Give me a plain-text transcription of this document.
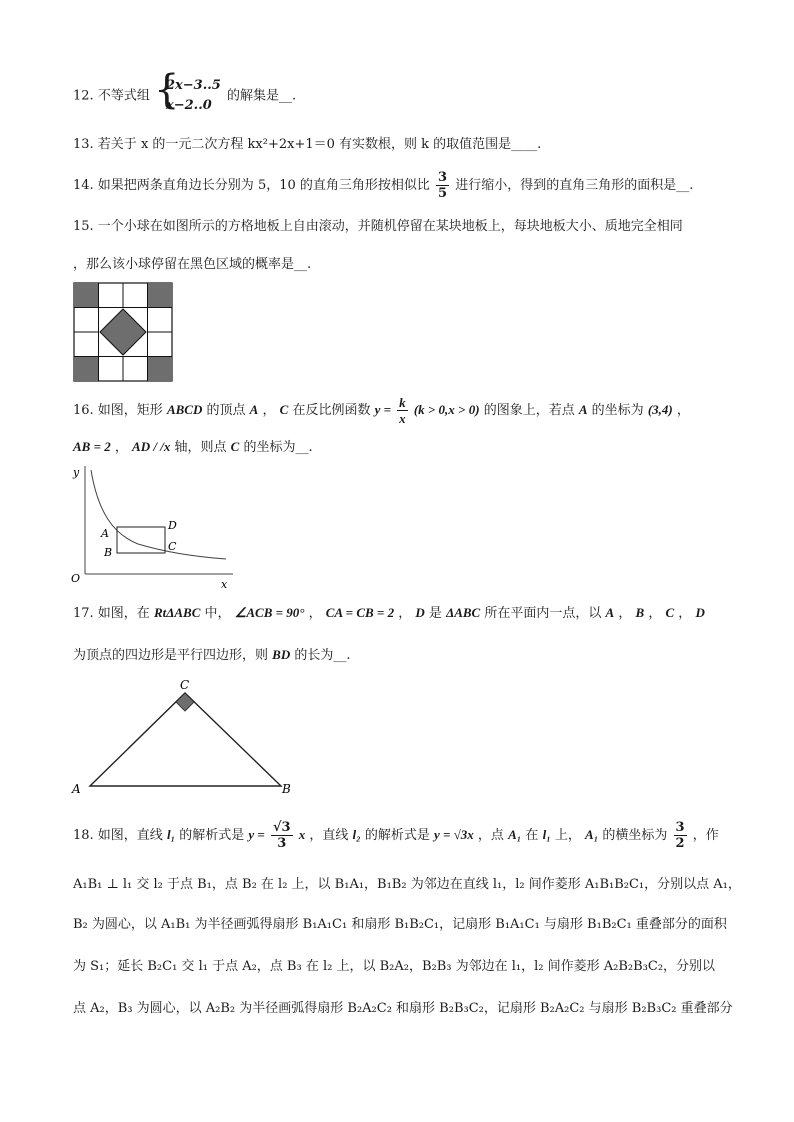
12. 不等式组 {
2x−3..5
x−2..0
的解集是__.
13. 若关于 x 的一元二次方程 kx²+2x+1＝0 有实数根，则 k 的取值范围是____.
14. 如果把两条直角边长分别为 5，10 的直角三角形按相似比 $\frac{3}{5}$ 进行缩小，得到的直角三角形的面积是__.
15. 一个小球在如图所示的方格地板上自由滚动，并随机停留在某块地板上，每块地板大小、质地完全相同
，那么该小球停留在黑色区域的概率是__.
16. 如图，矩形 ABCD 的顶点 A ， C 在反比例函数 $y = \frac{k}{x} (k > 0,x > 0)$ 的图象上，若点 A 的坐标为 (3,4) ，
AB = 2 ， AD / /x 轴，则点 C 的坐标为__.
y
x
O
A
B	C
D
17. 如图，在 RtΔABC 中， ∠ACB = 90° ， CA = CB = 2 ， D 是 ΔABC 所在平面内一点，以 A ， B ， C ， D
为顶点的四边形是平行四边形，则 BD 的长为__.
C
A	B
18. 如图，直线 l₁ 的解析式是 $y = \frac{√3}{3}$ x ，直线 l₂ 的解析式是 y = √3x ，点 A₁ 在 l₁ 上， A₁ 的横坐标为 $\frac{3}{2}$ ，作
A₁B₁ ⊥ l₁ 交 l₂ 于点 B₁，点 B₂ 在 l₂ 上，以 B₁A₁，B₁B₂ 为邻边在直线 l₁，l₂ 间作菱形 A₁B₁B₂C₁，分别以点 A₁，
B₂ 为圆心，以 A₁B₁ 为半径画弧得扇形 B₁A₁C₁ 和扇形 B₁B₂C₁，记扇形 B₁A₁C₁ 与扇形 B₁B₂C₁ 重叠部分的面积
为 S₁；延长 B₂C₁ 交 l₁ 于点 A₂，点 B₃ 在 l₂ 上，以 B₂A₂，B₂B₃ 为邻边在 l₁，l₂ 间作菱形 A₂B₂B₃C₂，分别以
点 A₂，B₃ 为圆心，以 A₂B₂ 为半径画弧得扇形 B₂A₂C₂ 和扇形 B₂B₃C₂，记扇形 B₂A₂C₂ 与扇形 B₂B₃C₂ 重叠部分
